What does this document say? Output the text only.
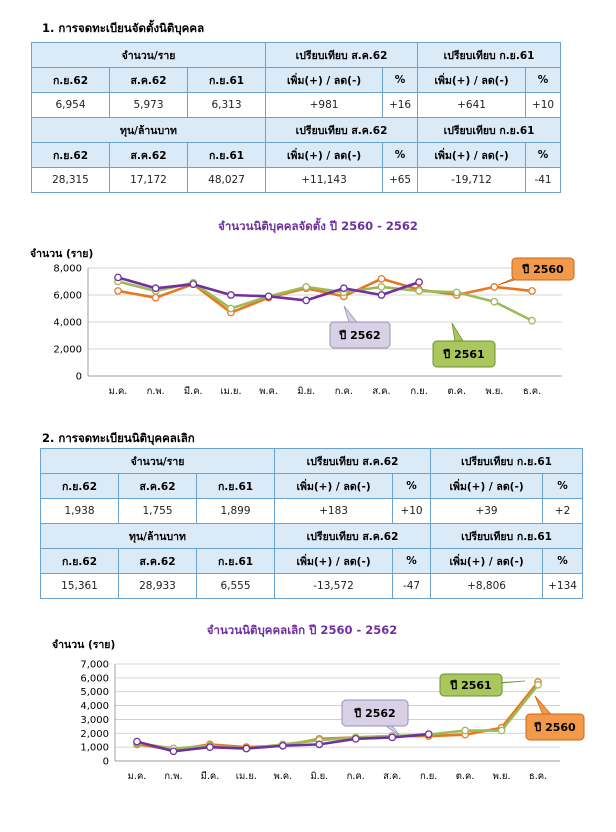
1. การจดทะเบียนจัดตั้งนิติบุคคล
จำนวน/ราย			เปรียบเทียบ ส.ค.62		เปรียบเทียบ ก.ย.61	
ก.ย.62	ส.ค.62	ก.ย.61	เพิ่ม(+) / ลด(-)	%	เพิ่ม(+) / ลด(-)	%
6,954	5,973	6,313	+981	+16	+641	+10
ทุน/ล้านบาท			เปรียบเทียบ ส.ค.62		เปรียบเทียบ ก.ย.61	
ก.ย.62	ส.ค.62	ก.ย.61	เพิ่ม(+) / ลด(-)	%	เพิ่ม(+) / ลด(-)	%
28,315	17,172	48,027	+11,143	+65	-19,712	-41
จำนวนนิติบุคคลจัดตั้ง ปี 2560 - 2562
จำนวน (ราย)
0
2,000
4,000
6,000
8,000
ม.ค. ก.พ. มี.ค. เม.ย. พ.ค. มิ.ย. ก.ค. ส.ค. ก.ย. ต.ค. พ.ย. ธ.ค.
ปี 2560
ปี 2561
ปี 2562
2. การจดทะเบียนนิติบุคคลเลิก
จำนวน/ราย			เปรียบเทียบ ส.ค.62		เปรียบเทียบ ก.ย.61	
ก.ย.62	ส.ค.62	ก.ย.61	เพิ่ม(+) / ลด(-)	%	เพิ่ม(+) / ลด(-)	%
1,938	1,755	1,899	+183	+10	+39	+2
ทุน/ล้านบาท			เปรียบเทียบ ส.ค.62		เปรียบเทียบ ก.ย.61	
ก.ย.62	ส.ค.62	ก.ย.61	เพิ่ม(+) / ลด(-)	%	เพิ่ม(+) / ลด(-)	%
15,361	28,933	6,555	-13,572	-47	+8,806	+134
จำนวนนิติบุคคลเลิก ปี 2560 - 2562
จำนวน (ราย)
0
1,000
2,000
3,000
4,000
5,000
6,000
7,000
ม.ค. ก.พ. มี.ค. เม.ย. พ.ค. มิ.ย. ก.ค. ส.ค. ก.ย. ต.ค. พ.ย. ธ.ค.
ปี 2561
ปี 2560
ปี 2562
